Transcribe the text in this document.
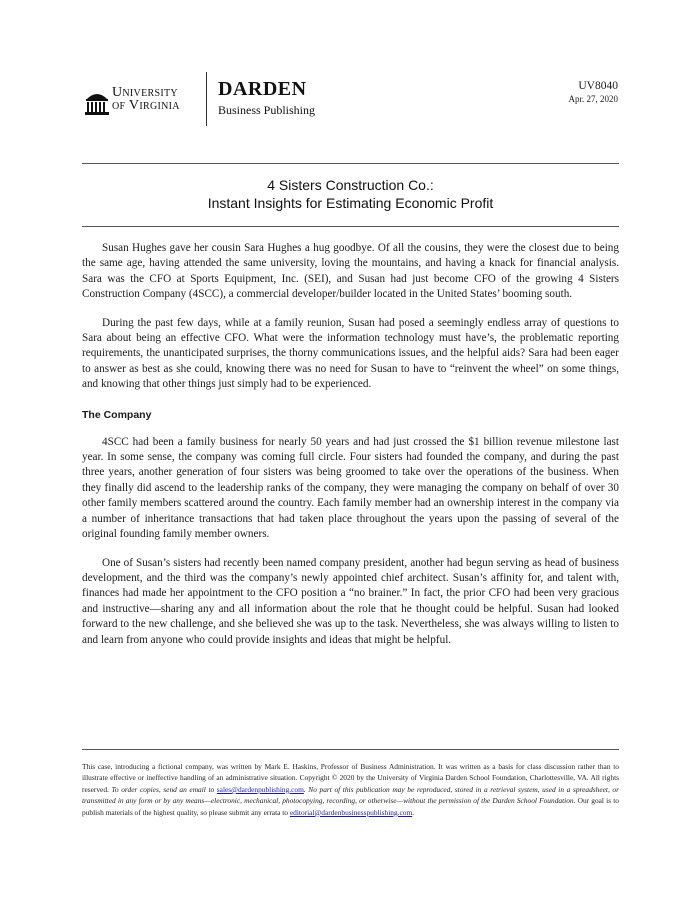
University
of Virginia
DARDEN
Business Publishing
UV8040
Apr. 27, 2020
4 Sisters Construction Co.:
Instant Insights for Estimating Economic Profit

Susan Hughes gave her cousin Sara Hughes a hug goodbye. Of all the cousins, they were the closest due to being the same age, having attended the same university, loving the mountains, and having a knack for financial analysis. Sara was the CFO at Sports Equipment, Inc. (SEI), and Susan had just become CFO of the growing 4 Sisters Construction Company (4SCC), a commercial developer/builder located in the United States’ booming south.

During the past few days, while at a family reunion, Susan had posed a seemingly endless array of questions to Sara about being an effective CFO. What were the information technology must have’s, the problematic reporting requirements, the unanticipated surprises, the thorny communications issues, and the helpful aids? Sara had been eager to answer as best as she could, knowing there was no need for Susan to have to “reinvent the wheel” on some things, and knowing that other things just simply had to be experienced.

The Company

4SCC had been a family business for nearly 50 years and had just crossed the $1 billion revenue milestone last year. In some sense, the company was coming full circle. Four sisters had founded the company, and during the past three years, another generation of four sisters was being groomed to take over the operations of the business. When they finally did ascend to the leadership ranks of the company, they were managing the company on behalf of over 30 other family members scattered around the country. Each family member had an ownership interest in the company via a number of inheritance transactions that had taken place throughout the years upon the passing of several of the original founding family member owners.

One of Susan’s sisters had recently been named company president, another had begun serving as head of business development, and the third was the company’s newly appointed chief architect. Susan’s affinity for, and talent with, finances had made her appointment to the CFO position a “no brainer.” In fact, the prior CFO had been very gracious and instructive—sharing any and all information about the role that he thought could be helpful. Susan had looked forward to the new challenge, and she believed she was up to the task. Nevertheless, she was always willing to listen to and learn from anyone who could provide insights and ideas that might be helpful.

This case, introducing a fictional company, was written by Mark E. Haskins, Professor of Business Administration. It was written as a basis for class discussion rather than to illustrate effective or ineffective handling of an administrative situation. Copyright © 2020 by the University of Virginia Darden School Foundation, Charlottesville, VA. All rights reserved. To order copies, send an email to sales@dardenpublishing.com. No part of this publication may be reproduced, stored in a retrieval system, used in a spreadsheet, or transmitted in any form or by any means—electronic, mechanical, photocopying, recording, or otherwise—without the permission of the Darden School Foundation. Our goal is to publish materials of the highest quality, so please submit any errata to editorial@dardenbusinesspublishing.com.
